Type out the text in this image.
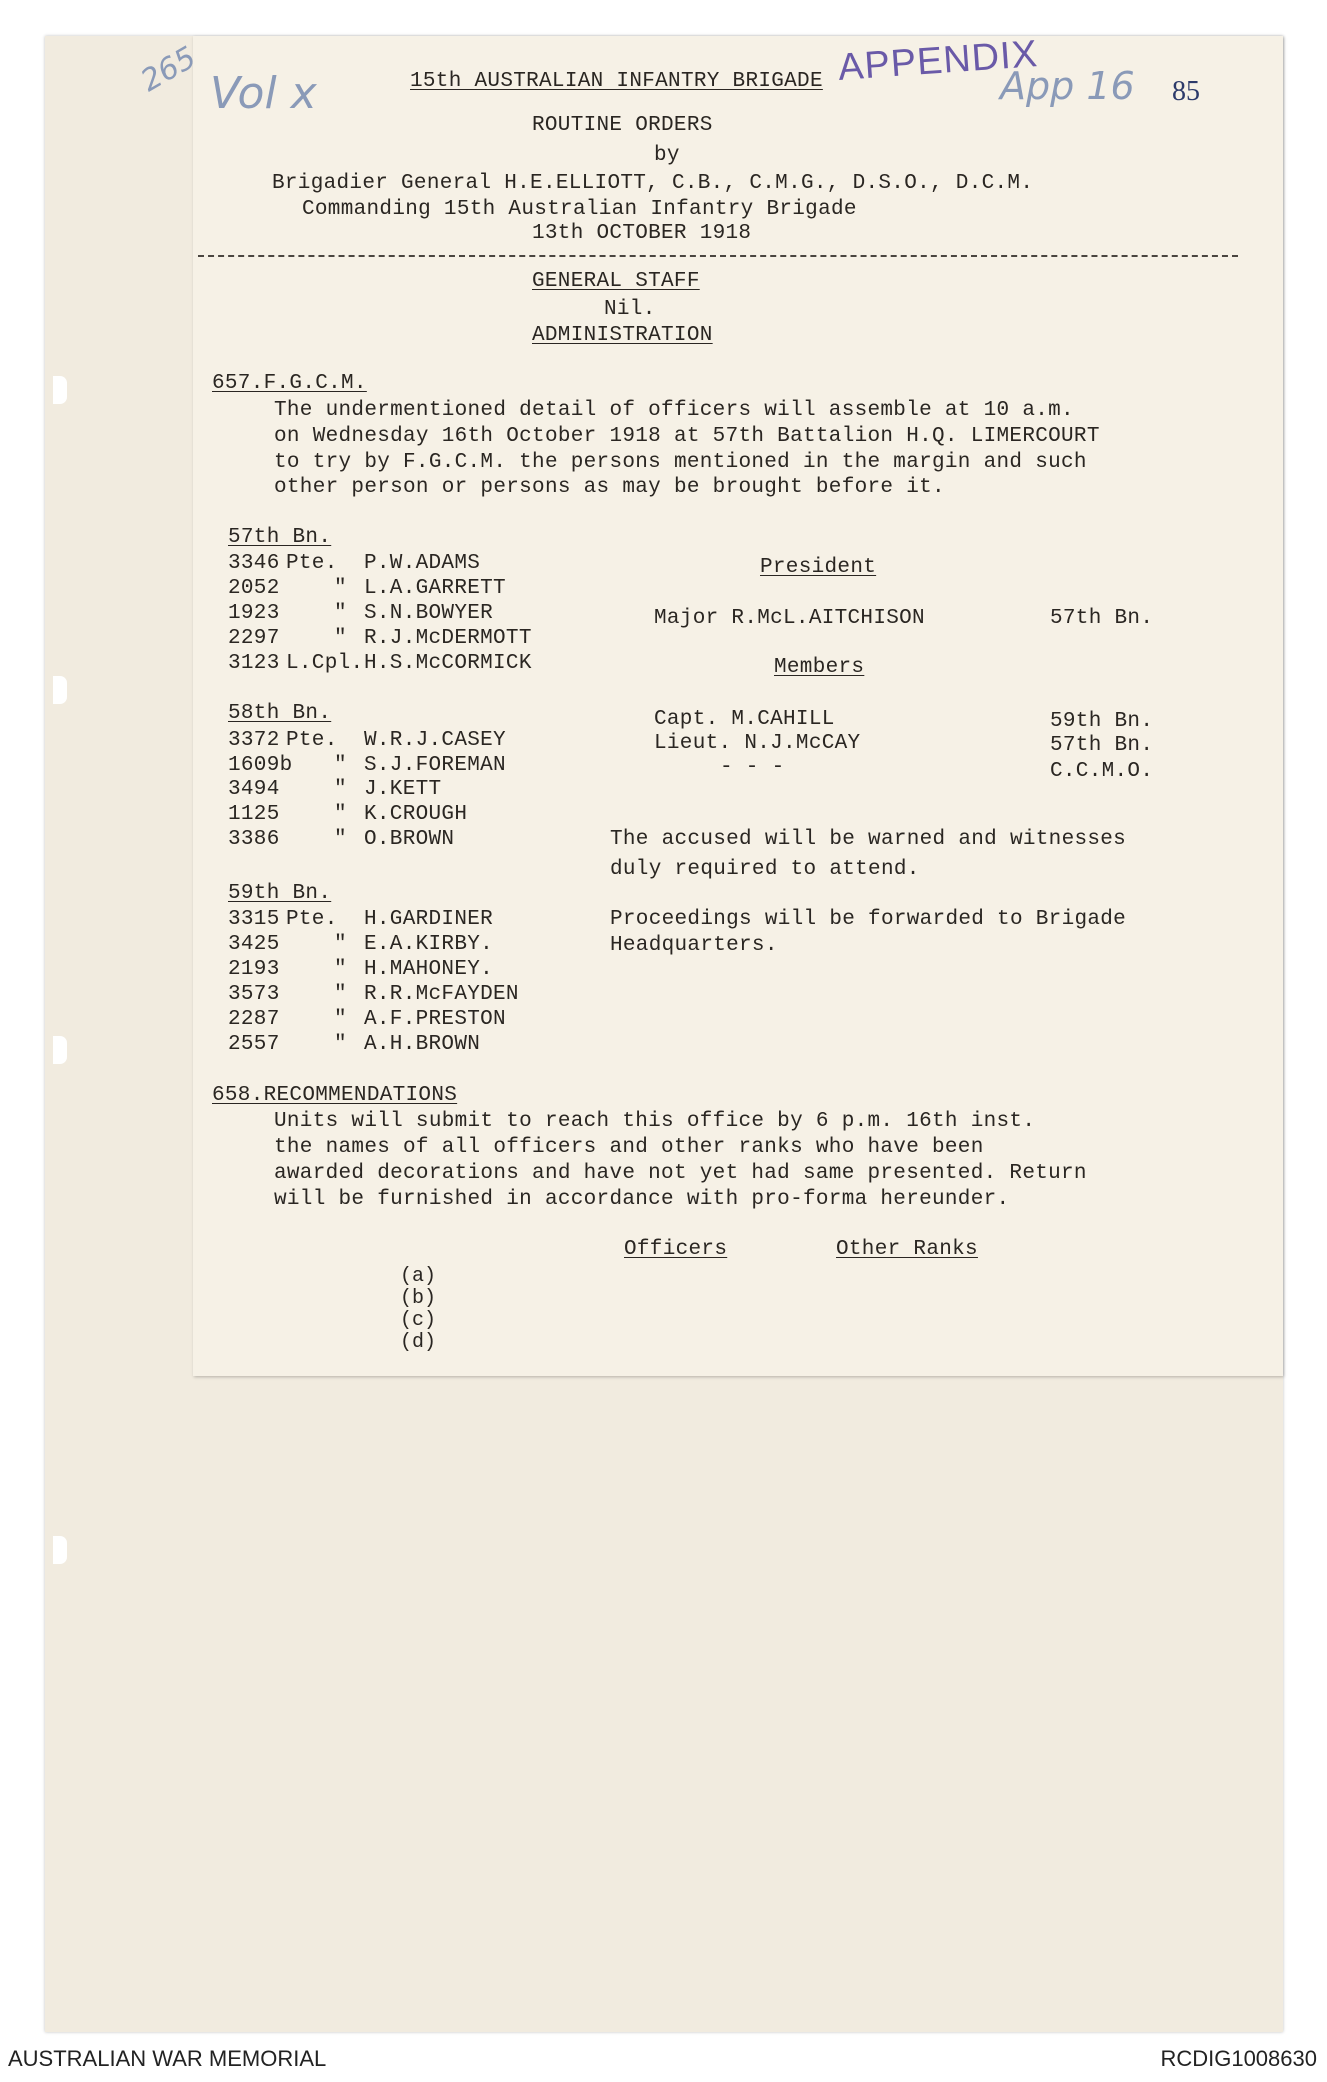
265 Vol x
APPENDIX
App 16 85
15th AUSTRALIAN INFANTRY BRIGADE
ROUTINE ORDERS
by
Brigadier General H.E.ELLIOTT, C.B., C.M.G., D.S.O., D.C.M.
Commanding 15th Australian Infantry Brigade
13th OCTOBER 1918
GENERAL STAFF
Nil.
ADMINISTRATION
657.F.G.C.M.
The undermentioned detail of officers will assemble at 10 a.m.
on Wednesday 16th October 1918 at 57th Battalion H.Q. LIMERCOURT
to try by F.G.C.M. the persons mentioned in the margin and such
other person or persons as may be brought before it.
57th Bn.
3346 Pte. P.W.ADAMS
2052	" L.A.GARRETT
1923	" S.N.BOWYER
2297	" R.J.McDERMOTT
3123 L.Cpl. H.S.McCORMICK
58th Bn.
3372 Pte. W.R.J.CASEY
1609b " S.J.FOREMAN
3494	" J.KETT
1125	" K.CROUGH
3386	" O.BROWN
59th Bn.
3315 Pte. H.GARDINER
3425	" E.A.KIRBY.
2193	" H.MAHONEY.
3573	" R.R.McFAYDEN
2287	" A.F.PRESTON
2557	" A.H.BROWN
President
Major R.McL.AITCHISON	57th Bn.
Members
Capt. M.CAHILL	59th Bn.
Lieut. N.J.McCAY	57th Bn.
- - -	C.C.M.O.
The accused will be warned and witnesses
duly required to attend.
Proceedings will be forwarded to Brigade
Headquarters.
658.RECOMMENDATIONS
Units will submit to reach this office by 6 p.m. 16th inst.
the names of all officers and other ranks who have been
awarded decorations and have not yet had same presented. Return
will be furnished in accordance with pro-forma hereunder.
Officers	Other Ranks
(a)
(b)
(c)
(d)
AUSTRALIAN WAR MEMORIAL	RCDIG1008630
